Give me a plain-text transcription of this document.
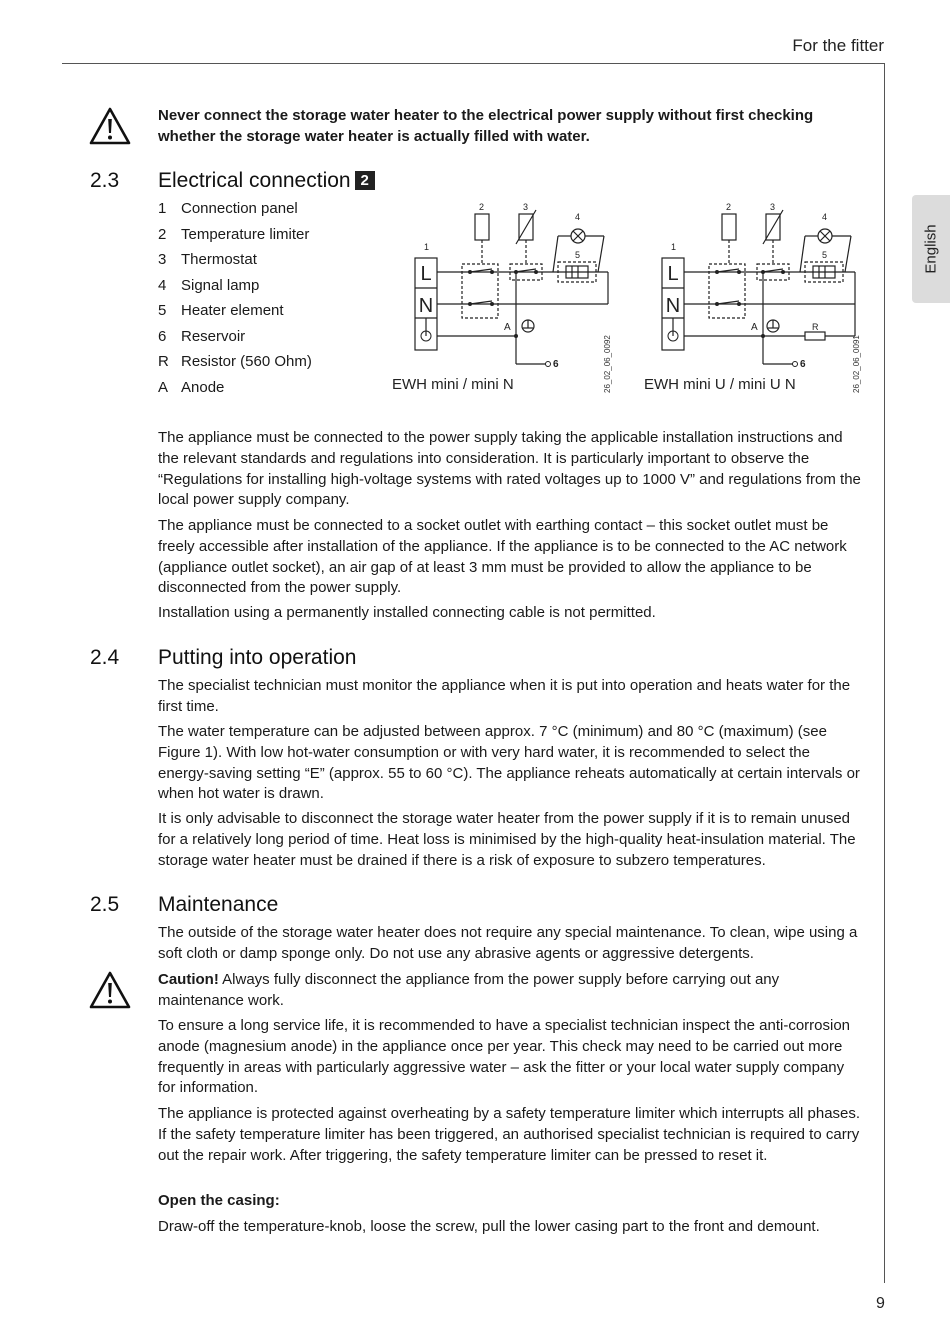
For the fitter
English

Never connect the storage water heater to the electrical power supply without first checking whether the storage water heater is actually filled with water.

2.3 Electrical connection 2
1 Connection panel
2 Temperature limiter
3 Thermostat
4 Signal lamp
5 Heater element
6 Reservoir
R Resistor (560 Ohm)
A Anode
L
N
1
2	3
4
5
6
A
EWH mini / mini N	26_02_06_0092
L
N
1
2	3
4
5
6
A	R
EWH mini U / mini U N	26_02_06_0091

The appliance must be connected to the power supply taking the applicable installation instructions and the relevant standards and regulations into consideration. It is particularly important to observe the “Regulations for installing high-voltage systems with rated voltages up to 1000 V” and regulations from the local power supply company.

The appliance must be connected to a socket outlet with earthing contact – this socket outlet must be freely accessible after installation of the appliance. If the appliance is to be connected to the AC network (appliance outlet socket), an air gap of at least 3 mm must be provided to allow the appliance to be disconnected from the power supply.

Installation using a permanently installed connecting cable is not permitted.

2.4 Putting into operation

The specialist technician must monitor the appliance when it is put into operation and heats water for the first time.

The water temperature can be adjusted between approx. 7 °C (minimum) and 80 °C (maximum) (see Figure 1). With low hot-water consumption or with very hard water, it is recommended to select the energy-saving setting “E” (approx. 55 to 60 °C). The appliance reheats automatically at certain intervals or when hot water is drawn.

It is only advisable to disconnect the storage water heater from the power supply if it is to remain unused for a relatively long period of time. Heat loss is minimised by the high-quality heat-insulation material. The storage water heater must be drained if there is a risk of exposure to subzero temperatures.

2.5 Maintenance

The outside of the storage water heater does not require any special maintenance. To clean, wipe using a soft cloth or damp sponge only. Do not use any abrasive agents or aggressive detergents.

Caution! Always fully disconnect the appliance from the power supply before carrying out any maintenance work.

To ensure a long service life, it is recommended to have a specialist technician inspect the anti-corrosion anode (magnesium anode) in the appliance once per year. This check may need to be carried out more frequently in areas with particularly aggressive water – ask the fitter or your local water supply company for information.

The appliance is protected against overheating by a safety temperature limiter which interrupts all phases. If the safety temperature limiter has been triggered, an authorised specialist technician is required to carry out the repair work. After triggering, the safety temperature limiter can be pressed to reset it.

Open the casing:

Draw-off the temperature-knob, loose the screw, pull the lower casing part to the front and demount.

9
